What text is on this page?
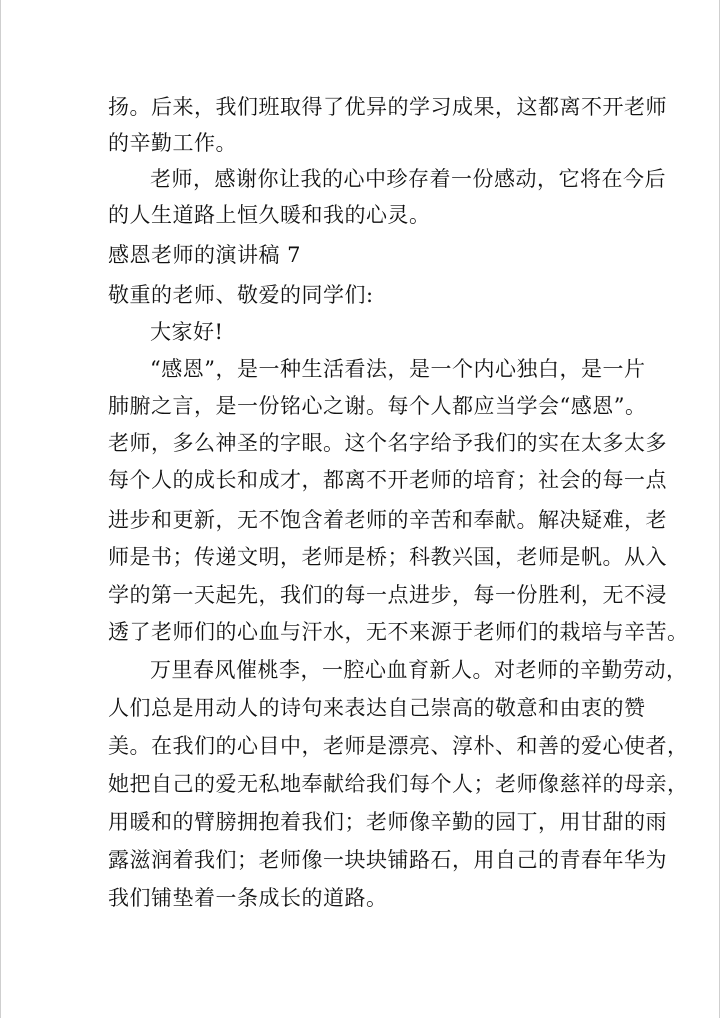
扬。后来，我们班取得了优异的学习成果，这都离不开老师
的辛勤工作。
老师，感谢你让我的心中珍存着一份感动，它将在今后
的人生道路上恒久暖和我的心灵。
感恩老师的演讲稿 7
敬重的老师、敬爱的同学们:
大家好!
“感恩”，是一种生活看法，是一个内心独白，是一片
肺腑之言，是一份铭心之谢。每个人都应当学会“感恩”。
老师，多么神圣的字眼。这个名字给予我们的实在太多太多
每个人的成长和成才，都离不开老师的培育；社会的每一点
进步和更新，无不饱含着老师的辛苦和奉献。解决疑难，老
师是书；传递文明，老师是桥；科教兴国，老师是帆。从入
学的第一天起先，我们的每一点进步，每一份胜利，无不浸
透了老师们的心血与汗水，无不来源于老师们的栽培与辛苦。
万里春风催桃李，一腔心血育新人。对老师的辛勤劳动，
人们总是用动人的诗句来表达自己崇高的敬意和由衷的赞
美。在我们的心目中，老师是漂亮、淳朴、和善的爱心使者，
她把自己的爱无私地奉献给我们每个人；老师像慈祥的母亲，
用暖和的臂膀拥抱着我们；老师像辛勤的园丁，用甘甜的雨
露滋润着我们；老师像一块块铺路石，用自己的青春年华为
我们铺垫着一条成长的道路。
